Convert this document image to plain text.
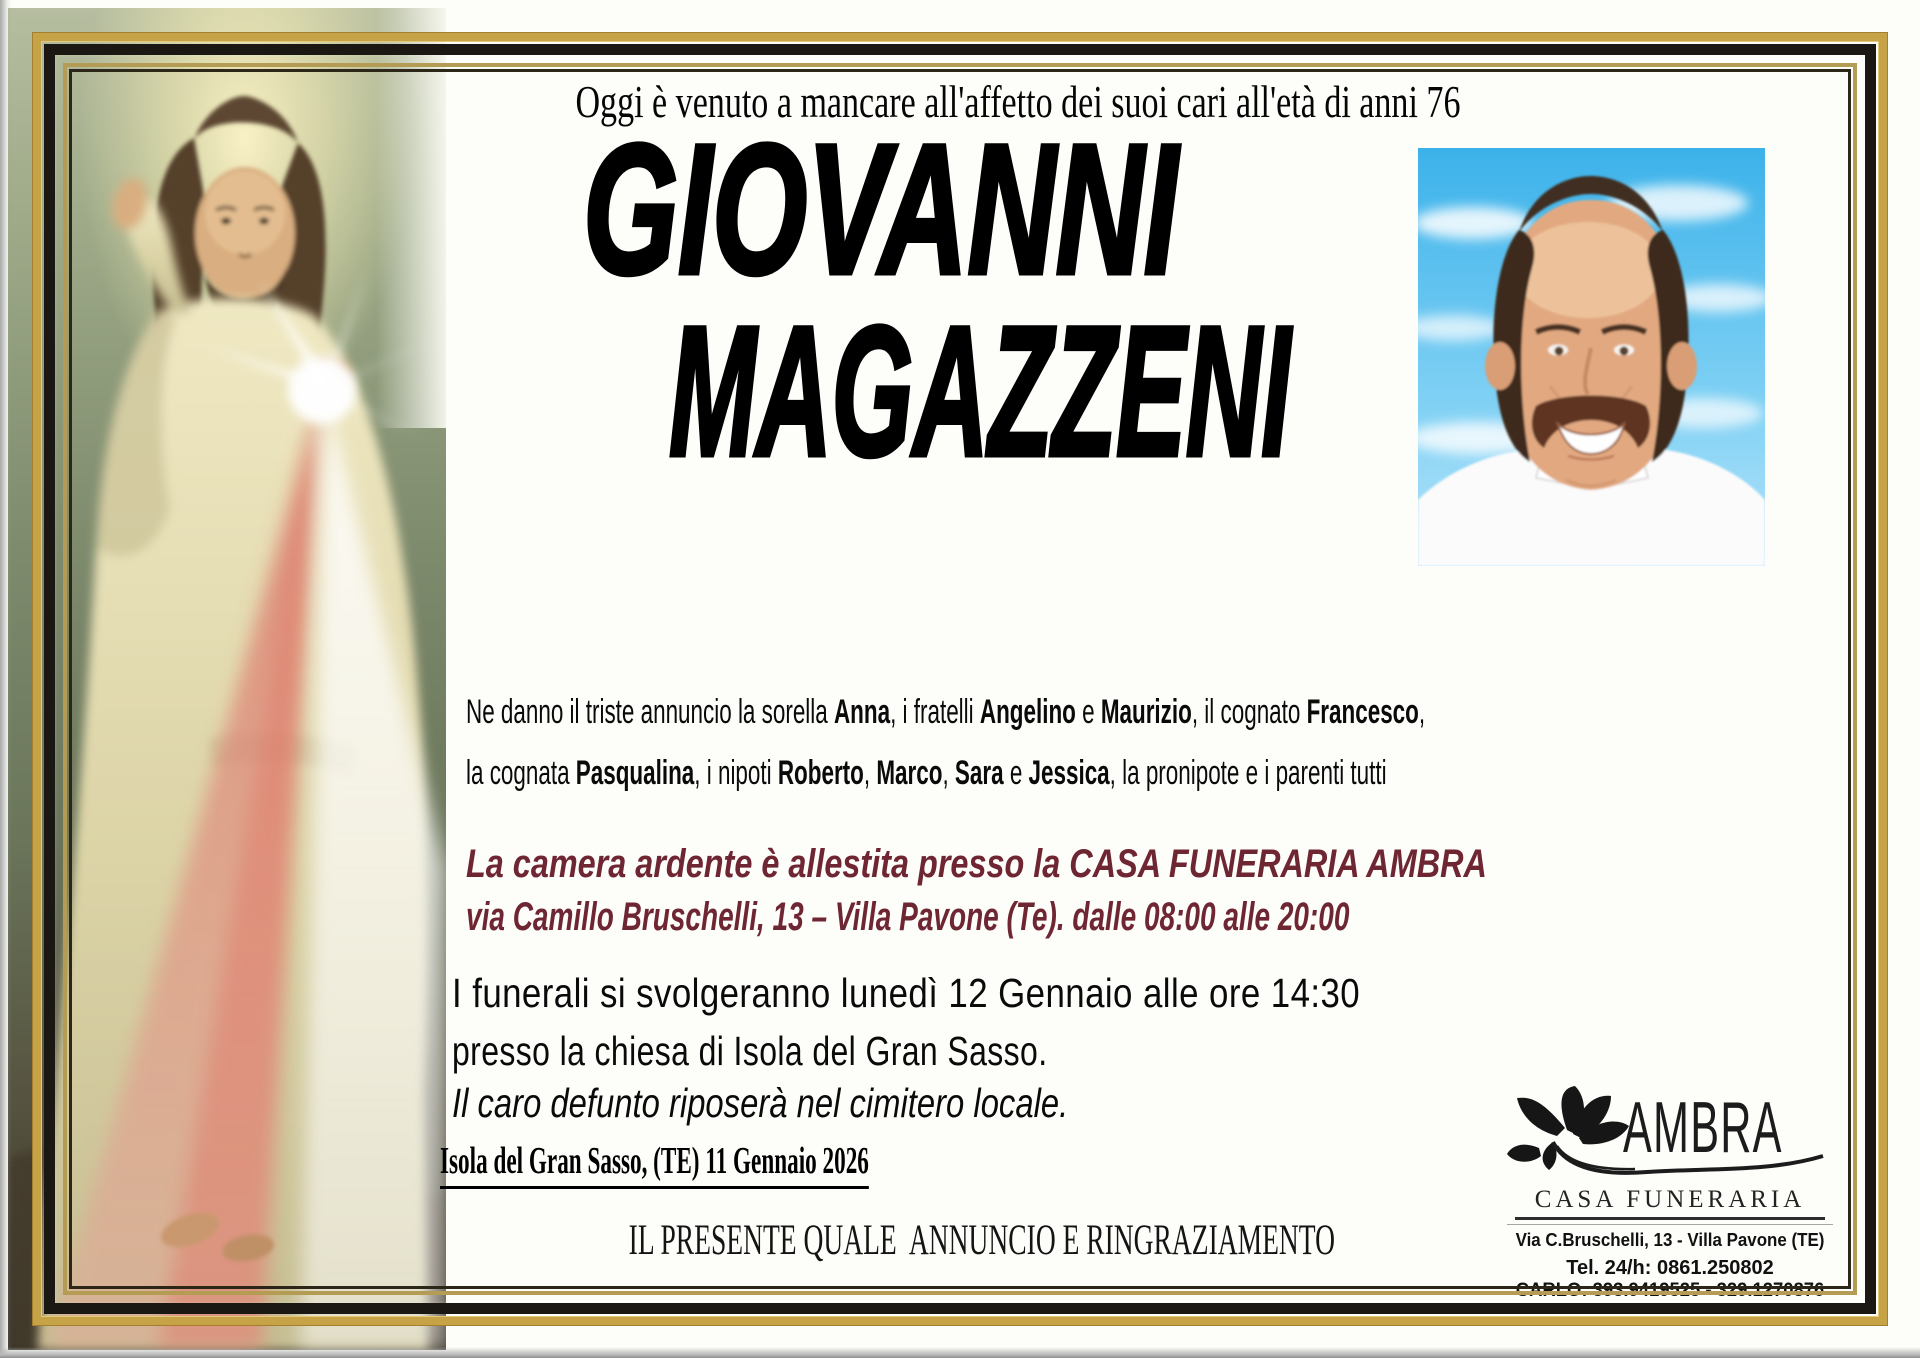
Oggi è venuto a mancare all'affetto dei suoi cari all'età di anni 76
GIOVANNI
MAGAZZENI
Ne danno il triste annuncio la sorella Anna, i fratelli Angelino e Maurizio, il cognato Francesco,
la cognata Pasqualina, i nipoti Roberto, Marco, Sara e Jessica, la pronipote e i parenti tutti
La camera ardente è allestita presso la CASA FUNERARIA AMBRA
via Camillo Bruschelli, 13 – Villa Pavone (Te). dalle 08:00 alle 20:00
I funerali si svolgeranno lunedì 12 Gennaio alle ore 14:30
presso la chiesa di Isola del Gran Sasso.
Il caro defunto riposerà nel cimitero locale.
Isola del Gran Sasso, (TE) 11 Gennaio 2026
IL PRESENTE QUALE  ANNUNCIO E RINGRAZIAMENTO
AMBRA
CASA FUNERARIA
Via C.Bruschelli, 13 - Villa Pavone (TE)
Tel. 24/h: 0861.250802
CARLO: 393.9419525 - 329.1270876
